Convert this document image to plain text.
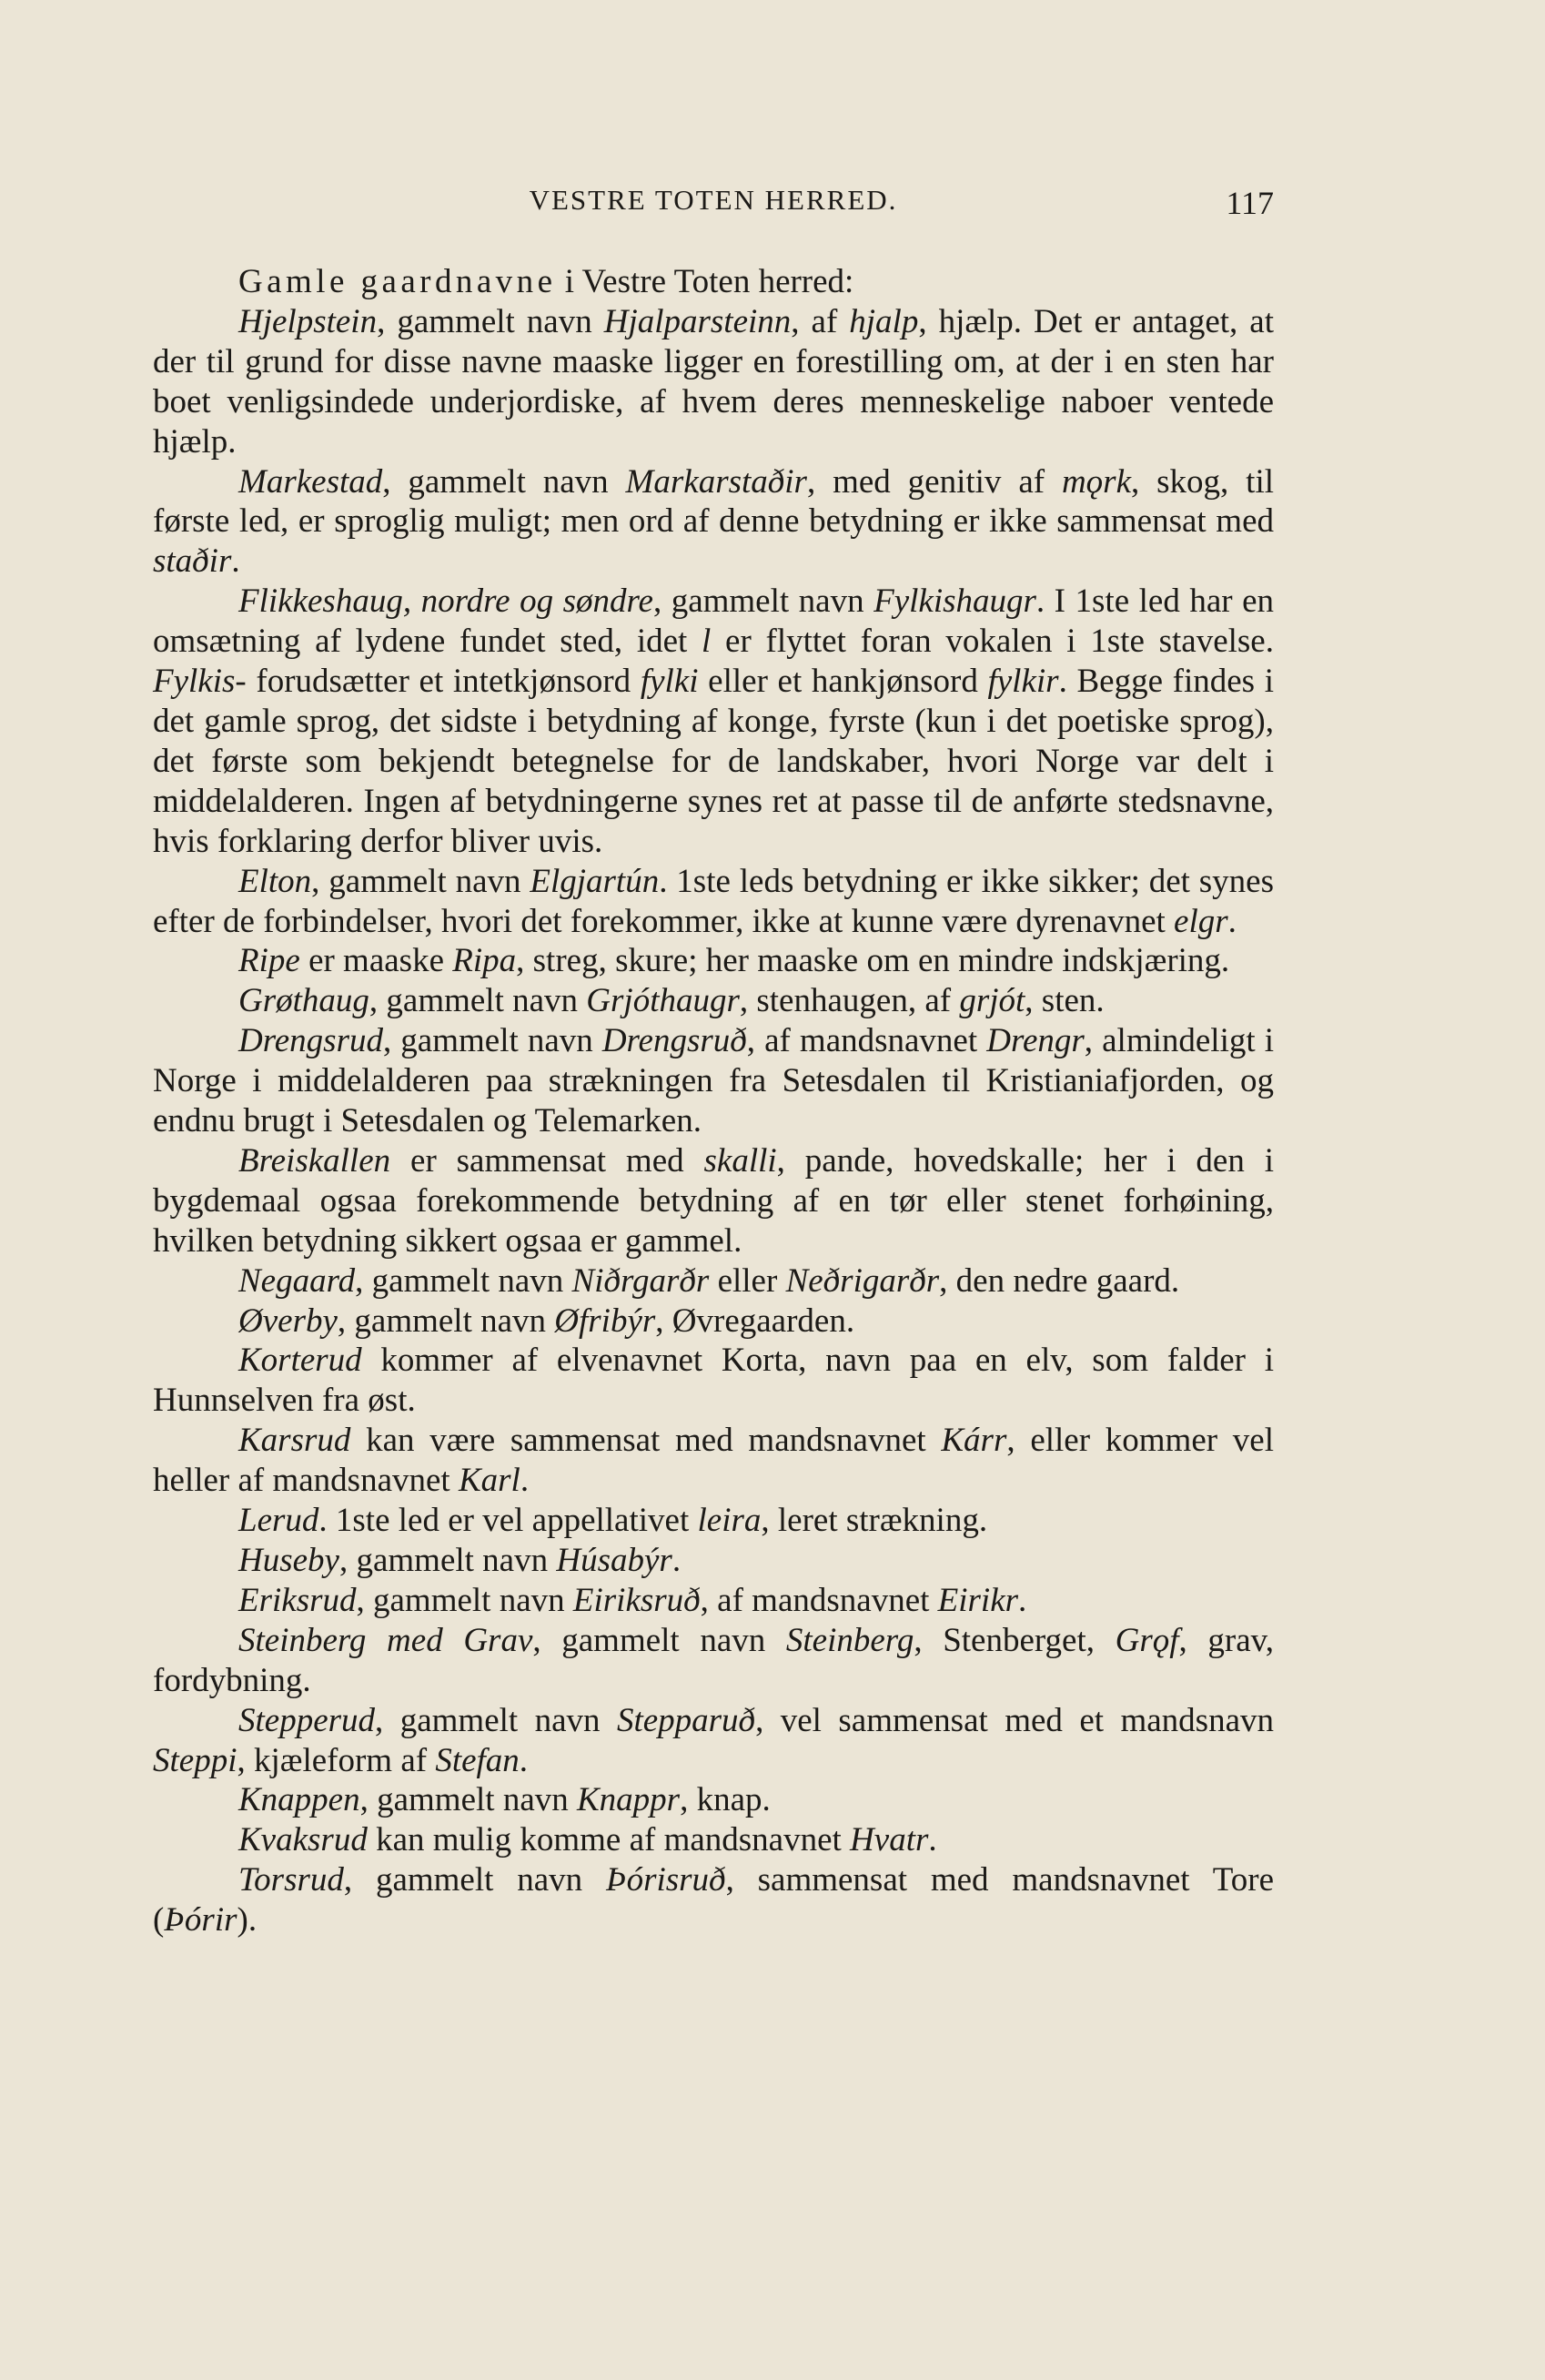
VESTRE TOTEN HERRED.	117

Gamle gaardnavne i Vestre Toten herred:

Hjelpstein, gammelt navn Hjalparsteinn, af hjalp, hjælp. Det er antaget, at der til grund for disse navne maaske ligger en forestilling om, at der i en sten har boet venligsindede underjordiske, af hvem deres menneskelige naboer ventede hjælp.

Markestad, gammelt navn Markarstaðir, med genitiv af mǫrk, skog, til første led, er sproglig muligt; men ord af denne betydning er ikke sammensat med staðir.

Flikkeshaug, nordre og søndre, gammelt navn Fylkishaugr. I 1ste led har en omsætning af lydene fundet sted, idet l er flyttet foran vokalen i 1ste stavelse. Fylkis- forudsætter et intetkjønsord fylki eller et hankjønsord fylkir. Begge findes i det gamle sprog, det sidste i betydning af konge, fyrste (kun i det poetiske sprog), det første som bekjendt betegnelse for de landskaber, hvori Norge var delt i middelalderen. Ingen af betydningerne synes ret at passe til de anførte stedsnavne, hvis forklaring derfor bliver uvis.

Elton, gammelt navn Elgjartún. 1ste leds betydning er ikke sikker; det synes efter de forbindelser, hvori det forekommer, ikke at kunne være dyrenavnet elgr.

Ripe er maaske Ripa, streg, skure; her maaske om en mindre indskjæring.

Grøthaug, gammelt navn Grjóthaugr, stenhaugen, af grjót, sten.

Drengsrud, gammelt navn Drengsruð, af mandsnavnet Drengr, almindeligt i Norge i middelalderen paa strækningen fra Setesdalen til Kristianiafjorden, og endnu brugt i Setesdalen og Telemarken.

Breiskallen er sammensat med skalli, pande, hovedskalle; her i den i bygdemaal ogsaa forekommende betydning af en tør eller stenet forhøining, hvilken betydning sikkert ogsaa er gammel.

Negaard, gammelt navn Niðrgarðr eller Neðrigarðr, den nedre gaard.

Øverby, gammelt navn Øfribýr, Øvregaarden.

Korterud kommer af elvenavnet Korta, navn paa en elv, som falder i Hunnselven fra øst.

Karsrud kan være sammensat med mandsnavnet Kárr, eller kommer vel heller af mandsnavnet Karl.

Lerud. 1ste led er vel appellativet leira, leret strækning.

Huseby, gammelt navn Húsabýr.

Eriksrud, gammelt navn Eiriksruð, af mandsnavnet Eirikr.

Steinberg med Grav, gammelt navn Steinberg, Stenberget, Grǫf, grav, fordybning.

Stepperud, gammelt navn Stepparuð, vel sammensat med et mandsnavn Steppi, kjæleform af Stefan.

Knappen, gammelt navn Knappr, knap.

Kvaksrud kan mulig komme af mandsnavnet Hvatr.

Torsrud, gammelt navn Þórisruð, sammensat med mandsnavnet Tore (Þórir).
